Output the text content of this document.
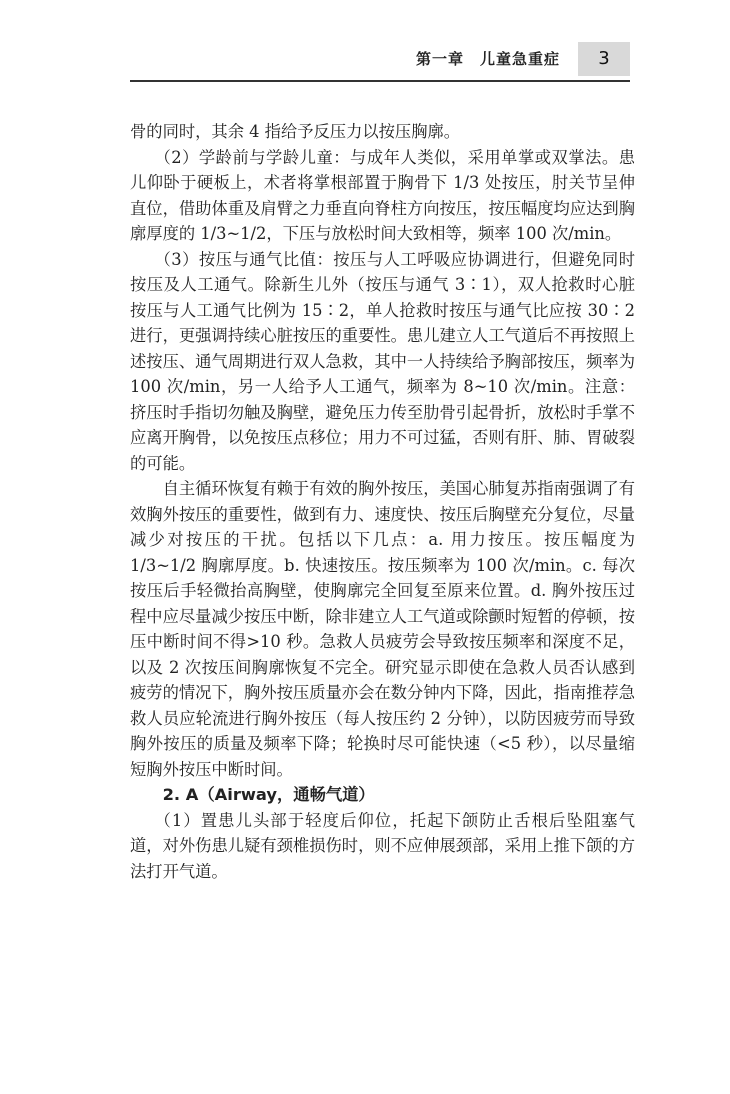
第一章　儿童急重症	3

骨的同时，其余 4 指给予反压力以按压胸廓。

（2）学龄前与学龄儿童：与成年人类似，采用单掌或双掌法。患儿仰卧于硬板上，术者将掌根部置于胸骨下 1/3 处按压，肘关节呈伸直位，借助体重及肩臂之力垂直向脊柱方向按压，按压幅度均应达到胸廓厚度的 1/3~1/2，下压与放松时间大致相等，频率 100 次/min。

（3）按压与通气比值：按压与人工呼吸应协调进行，但避免同时按压及人工通气。除新生儿外（按压与通气 3∶1），双人抢救时心脏按压与人工通气比例为 15∶2，单人抢救时按压与通气比应按 30∶2 进行，更强调持续心脏按压的重要性。患儿建立人工气道后不再按照上述按压、通气周期进行双人急救，其中一人持续给予胸部按压，频率为 100 次/min，另一人给予人工通气，频率为 8~10 次/min。注意：挤压时手指切勿触及胸壁，避免压力传至肋骨引起骨折，放松时手掌不应离开胸骨，以免按压点移位；用力不可过猛，否则有肝、肺、胃破裂的可能。

自主循环恢复有赖于有效的胸外按压，美国心肺复苏指南强调了有效胸外按压的重要性，做到有力、速度快、按压后胸壁充分复位，尽量减少对按压的干扰。包括以下几点：a. 用力按压。按压幅度为 1/3~1/2 胸廓厚度。b. 快速按压。按压频率为 100 次/min。c. 每次按压后手轻微抬高胸壁，使胸廓完全回复至原来位置。d. 胸外按压过程中应尽量减少按压中断，除非建立人工气道或除颤时短暂的停顿，按压中断时间不得>10 秒。急救人员疲劳会导致按压频率和深度不足，以及 2 次按压间胸廓恢复不完全。研究显示即使在急救人员否认感到疲劳的情况下，胸外按压质量亦会在数分钟内下降，因此，指南推荐急救人员应轮流进行胸外按压（每人按压约 2 分钟），以防因疲劳而导致胸外按压的质量及频率下降；轮换时尽可能快速（<5 秒），以尽量缩短胸外按压中断时间。

2. A（Airway，通畅气道）

（1）置患儿头部于轻度后仰位，托起下颌防止舌根后坠阻塞气道，对外伤患儿疑有颈椎损伤时，则不应伸展颈部，采用上推下颌的方法打开气道。
